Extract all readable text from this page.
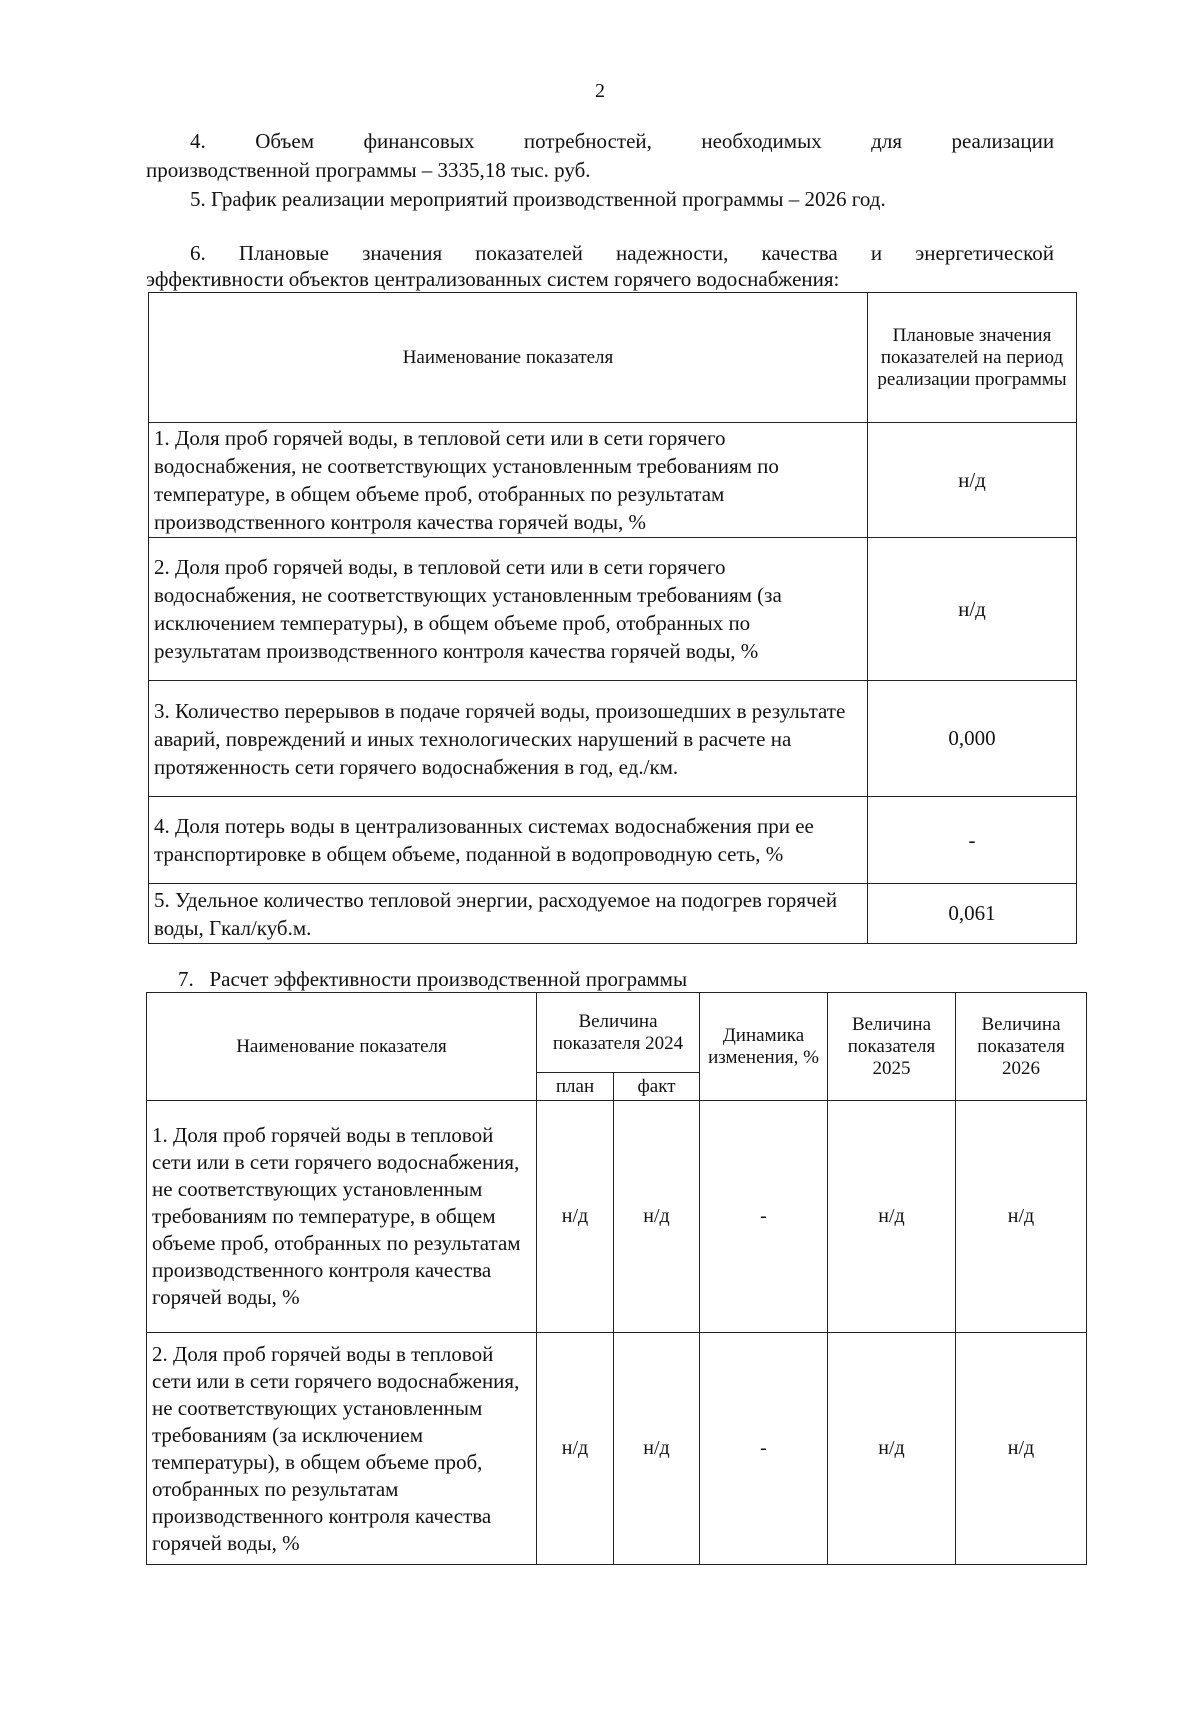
2
4. Объем финансовых потребностей, необходимых для реализации
производственной программы – 3335,18 тыс. руб.
5. График реализации мероприятий производственной программы – 2026 год.
6. Плановые значения показателей надежности, качества и энергетической
эффективности объектов централизованных систем горячего водоснабжения:
Наименование показателя	Плановые значения показателей на период реализации программы
1. Доля проб горячей воды, в тепловой сети или в сети горячего водоснабжения, не соответствующих установленным требованиям по температуре, в общем объеме проб, отобранных по результатам производственного контроля качества горячей воды, %	н/д
2. Доля проб горячей воды, в тепловой сети или в сети горячего водоснабжения, не соответствующих установленным требованиям (за исключением температуры), в общем объеме проб, отобранных по результатам производственного контроля качества горячей воды, %	н/д
3. Количество перерывов в подаче горячей воды, произошедших в результате аварий, повреждений и иных технологических нарушений в расчете на протяженность сети горячего водоснабжения в год, ед./км.	0,000
4. Доля потерь воды в централизованных системах водоснабжения при ее транспортировке в общем объеме, поданной в водопроводную сеть, %	-
5. Удельное количество тепловой энергии, расходуемое на подогрев горячей воды, Гкал/куб.м.	0,061
7.   Расчет эффективности производственной программы
Наименование показателя	Величина показателя 2024		Динамика изменения, %	Величина показателя 2025	Величина показателя 2026
	план	факт			
1. Доля проб горячей воды в тепловой сети или в сети горячего водоснабжения, не соответствующих установленным требованиям по температуре, в общем объеме проб, отобранных по результатам производственного контроля качества горячей воды, %	н/д	н/д	-	н/д	н/д
2. Доля проб горячей воды в тепловой сети или в сети горячего водоснабжения, не соответствующих установленным требованиям (за исключением температуры), в общем объеме проб, отобранных по результатам производственного контроля качества горячей воды, %	н/д	н/д	-	н/д	н/д
